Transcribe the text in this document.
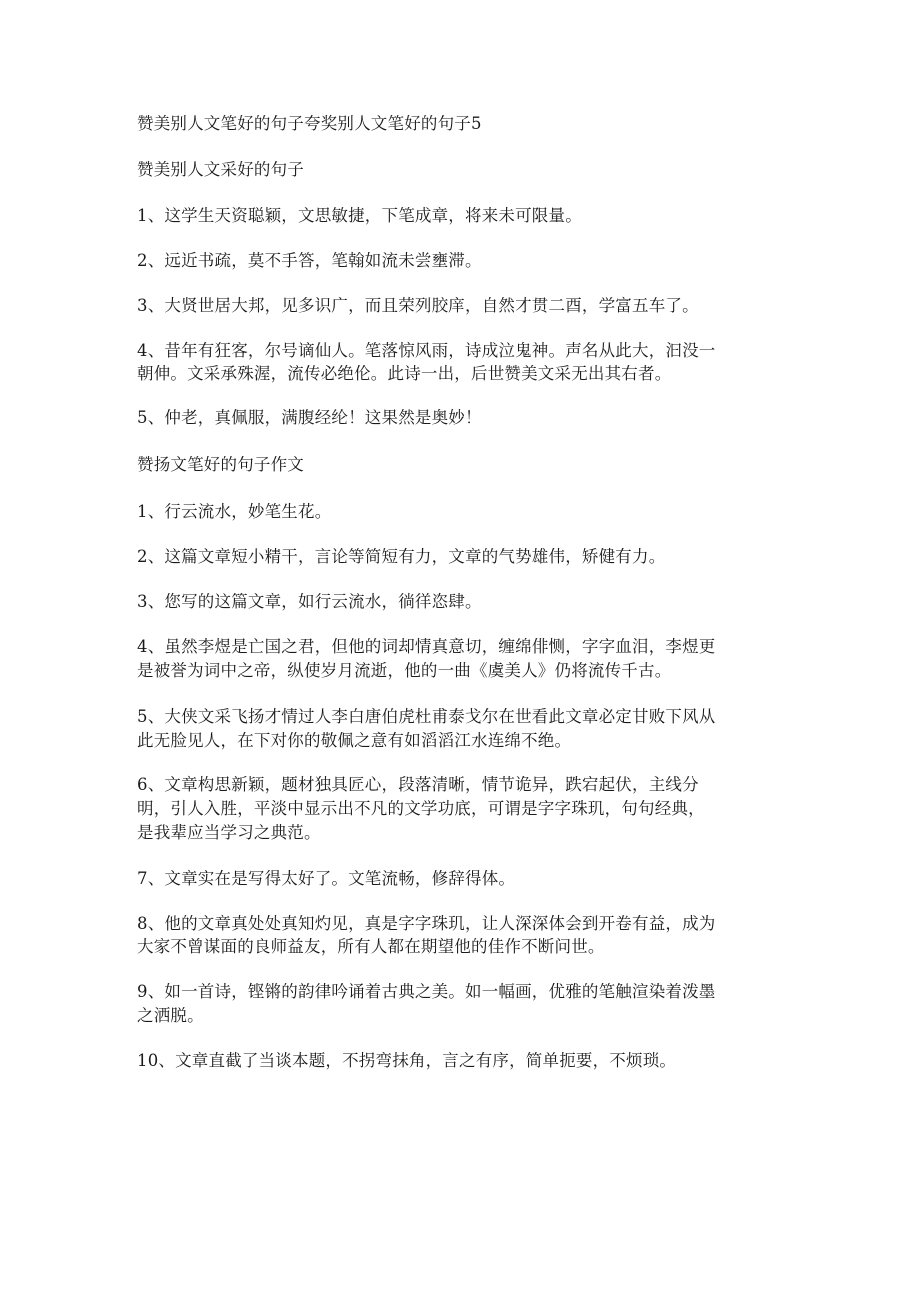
赞美别人文笔好的句子夸奖别人文笔好的句子5

赞美别人文采好的句子

1、这学生天资聪颖，文思敏捷，下笔成章，将来未可限量。

2、远近书疏，莫不手答，笔翰如流未尝壅滞。

3、大贤世居大邦，见多识广，而且荣列胶庠，自然才贯二酉，学富五车了。

4、昔年有狂客，尔号谪仙人。笔落惊风雨，诗成泣鬼神。声名从此大，汩没一

朝伸。文采承殊渥，流传必绝伦。此诗一出，后世赞美文采无出其右者。

5、仲老，真佩服，满腹经纶！这果然是奥妙！

赞扬文笔好的句子作文

1、行云流水，妙笔生花。

2、这篇文章短小精干，言论等简短有力，文章的气势雄伟，矫健有力。

3、您写的这篇文章，如行云流水，徜徉恣肆。

4、虽然李煜是亡国之君，但他的词却情真意切，缠绵俳恻，字字血泪，李煜更

是被誉为词中之帝，纵使岁月流逝，他的一曲《虞美人》仍将流传千古。

5、大侠文采飞扬才情过人李白唐伯虎杜甫泰戈尔在世看此文章必定甘败下风从

此无脸见人，在下对你的敬佩之意有如滔滔江水连绵不绝。

6、文章构思新颖，题材独具匠心，段落清晰，情节诡异，跌宕起伏，主线分

明，引人入胜，平淡中显示出不凡的文学功底，可谓是字字珠玑，句句经典，

是我辈应当学习之典范。

7、文章实在是写得太好了。文笔流畅，修辞得体。

8、他的文章真处处真知灼见，真是字字珠玑，让人深深体会到开卷有益，成为

大家不曾谋面的良师益友，所有人都在期望他的佳作不断问世。

9、如一首诗，铿锵的韵律吟诵着古典之美。如一幅画，优雅的笔触渲染着泼墨

之洒脱。

10、文章直截了当谈本题，不拐弯抹角，言之有序，简单扼要，不烦琐。
